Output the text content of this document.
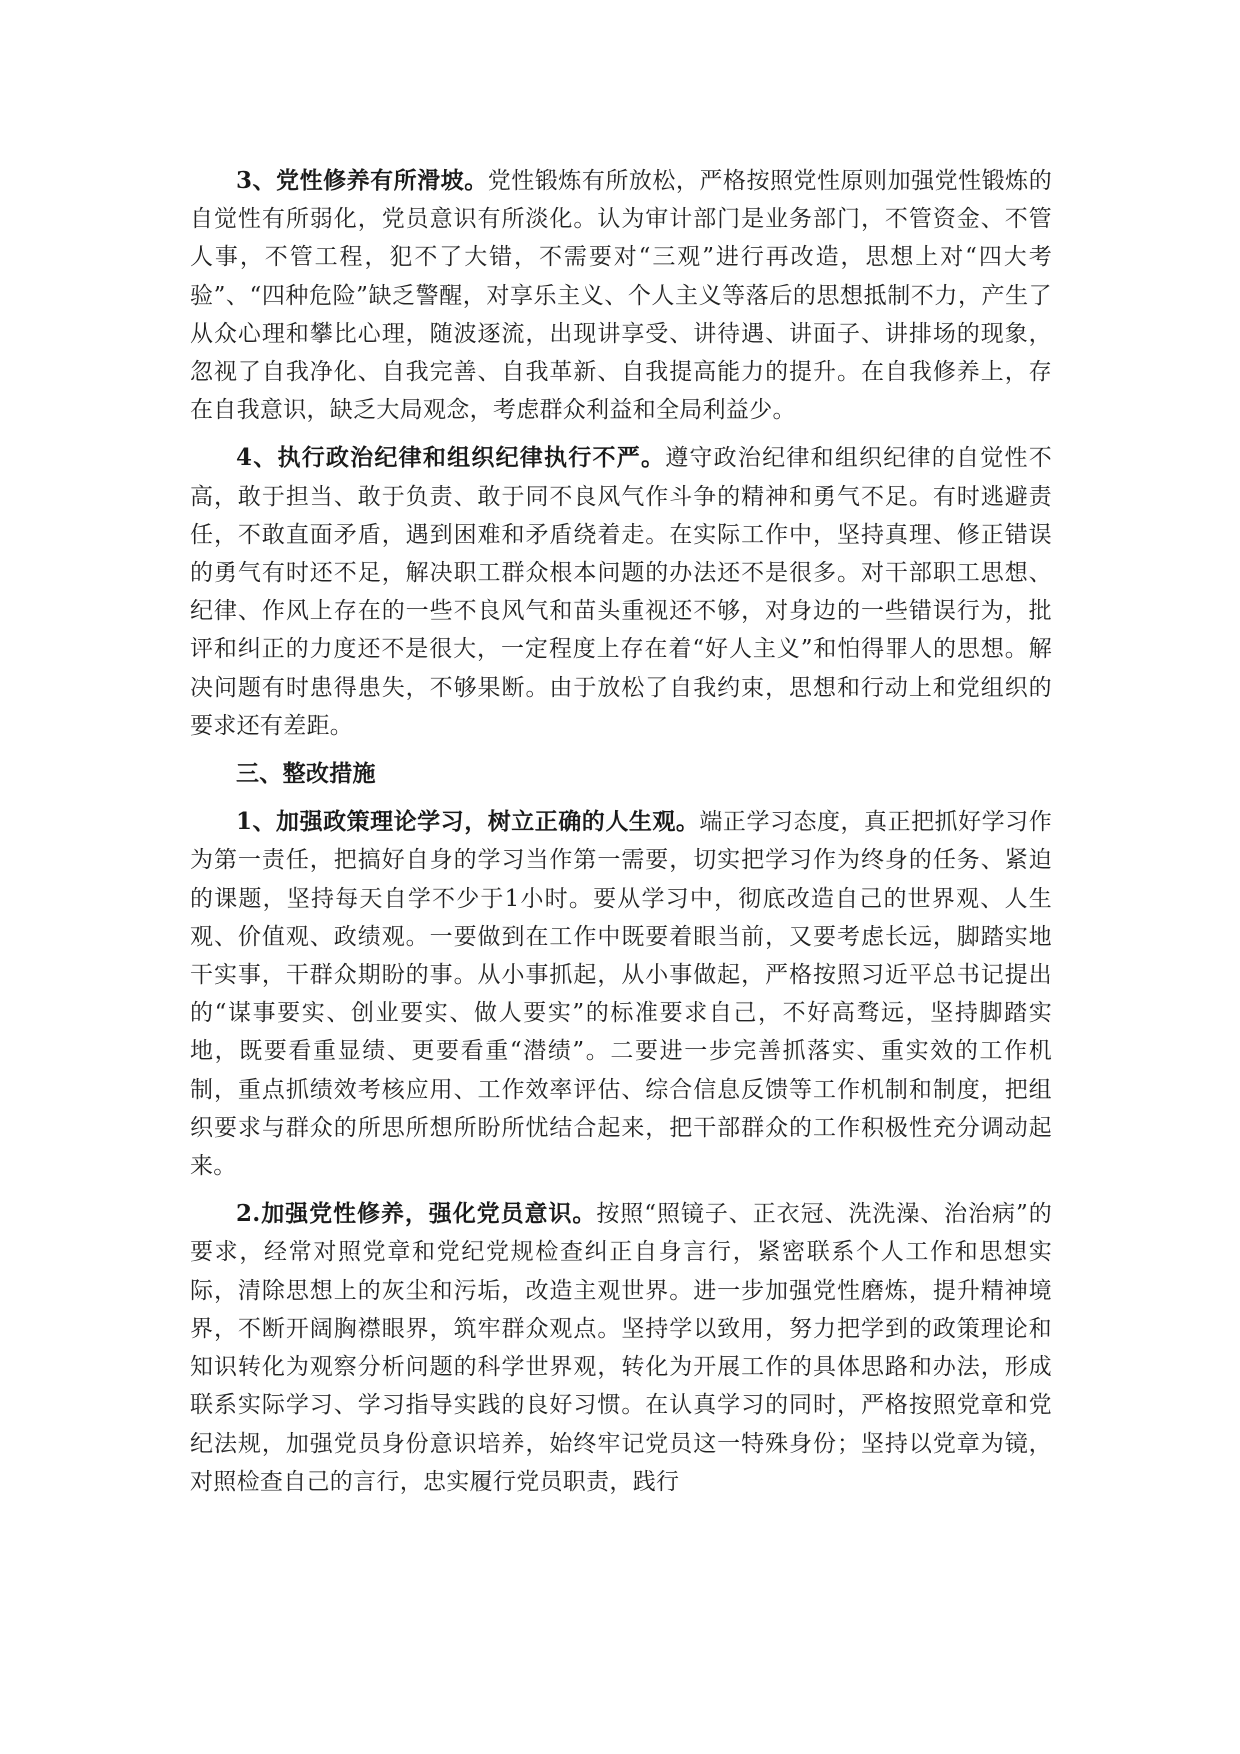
3、党性修养有所滑坡。党性锻炼有所放松，严格按照党性原则加强党性锻炼的自觉性有所弱化，党员意识有所淡化。认为审计部门是业务部门，不管资金、不管人事，不管工程，犯不了大错，不需要对“三观”进行再改造，思想上对“四大考验”、“四种危险”缺乏警醒，对享乐主义、个人主义等落后的思想抵制不力，产生了从众心理和攀比心理，随波逐流，出现讲享受、讲待遇、讲面子、讲排场的现象，忽视了自我净化、自我完善、自我革新、自我提高能力的提升。在自我修养上，存在自我意识，缺乏大局观念，考虑群众利益和全局利益少。

4、执行政治纪律和组织纪律执行不严。遵守政治纪律和组织纪律的自觉性不高，敢于担当、敢于负责、敢于同不良风气作斗争的精神和勇气不足。有时逃避责任，不敢直面矛盾，遇到困难和矛盾绕着走。在实际工作中，坚持真理、修正错误的勇气有时还不足，解决职工群众根本问题的办法还不是很多。对干部职工思想、纪律、作风上存在的一些不良风气和苗头重视还不够，对身边的一些错误行为，批评和纠正的力度还不是很大，一定程度上存在着“好人主义”和怕得罪人的思想。解决问题有时患得患失，不够果断。由于放松了自我约束，思想和行动上和党组织的要求还有差距。

三、整改措施

1、加强政策理论学习，树立正确的人生观。端正学习态度，真正把抓好学习作为第一责任，把搞好自身的学习当作第一需要，切实把学习作为终身的任务、紧迫的课题，坚持每天自学不少于1小时。要从学习中，彻底改造自己的世界观、人生观、价值观、政绩观。一要做到在工作中既要着眼当前，又要考虑长远，脚踏实地干实事，干群众期盼的事。从小事抓起，从小事做起，严格按照习近平总书记提出的“谋事要实、创业要实、做人要实”的标准要求自己，不好高骛远，坚持脚踏实地，既要看重显绩、更要看重“潜绩”。二要进一步完善抓落实、重实效的工作机制，重点抓绩效考核应用、工作效率评估、综合信息反馈等工作机制和制度，把组织要求与群众的所思所想所盼所忧结合起来，把干部群众的工作积极性充分调动起来。

2.加强党性修养，强化党员意识。按照“照镜子、正衣冠、洗洗澡、治治病”的要求，经常对照党章和党纪党规检查纠正自身言行，紧密联系个人工作和思想实际，清除思想上的灰尘和污垢，改造主观世界。进一步加强党性磨炼，提升精神境界，不断开阔胸襟眼界，筑牢群众观点。坚持学以致用，努力把学到的政策理论和知识转化为观察分析问题的科学世界观，转化为开展工作的具体思路和办法，形成联系实际学习、学习指导实践的良好习惯。在认真学习的同时，严格按照党章和党纪法规，加强党员身份意识培养，始终牢记党员这一特殊身份；坚持以党章为镜，对照检查自己的言行，忠实履行党员职责，践行
